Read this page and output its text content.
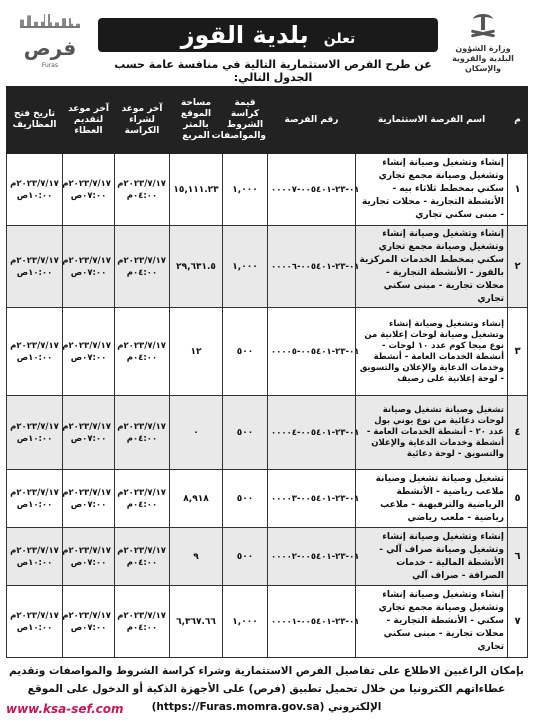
وزارة الشؤون البلدية والقروية والإسكان
تعلن بلدية القوز
عن طرح الفرص الاستثمارية التالية في منافسة عامة حسب الجدول التالي:
فرص
Furas
م	اسم الفرصة الاستثمارية	رقم الفرصة	قيمة كراسة الشروط والمواصفات	مساحة الموقع بالمتر المربع	آخر موعد لشراء الكراسة	آخر موعد لتقديم العطاء	تاريخ فتح المظاريف
١	إنشاء وتشغيل وصيانة إنشاء وتشغيل وصيانة مجمع تجاري سكني بمخطط ثلاثاء بيه - الأنشطة التجارية - محلات تجارية - مبنى سكني تجاري	٠١-٢٣-٠٠٥٤٠١-٠٠٠٠٧	١,٠٠٠	١٥,١١١.٢٣	٢٠٢٣/٧/١٧م
٠٤:٠٠م	٢٠٢٣/٧/١٧م
٠٧:٠٠ص	٢٠٢٣/٧/١٧م
١٠:٠٠ص

٢	إنشاء وتشغيل وصيانة إنشاء وتشغيل وصيانة مجمع تجاري سكني بمخطط الخدمات المركزية بالقوز - الأنشطة التجارية - محلات تجارية - مبنى سكني تجاري	٠١-٢٣-٠٠٥٤٠١-٠٠٠٠٦	١,٠٠٠	٢٩,٦٣١.٥	٢٠٢٣/٧/١٧م
٠٤:٠٠م	٢٠٢٣/٧/١٧م
٠٧:٠٠ص	٢٠٢٣/٧/١٧م
١٠:٠٠ص

٣	إنشاء وتشغيل وصيانة إنشاء وتشغيل وصيانة لوحات إعلانية من نوع ميجا كوم عدد ١٠ لوحات - أنشطة الخدمات العامة - أنشطة وخدمات الدعاية والإعلان والتسويق - لوحة إعلانية على رصيف	٠١-٢٣-٠٠٥٤٠١-٠٠٠٠٥	٥٠٠	١٢	٢٠٢٣/٧/١٧م
٠٤:٠٠م	٢٠٢٣/٧/١٧م
٠٧:٠٠ص	٢٠٢٣/٧/١٧م
١٠:٠٠ص

٤	تشغيل وصيانة تشغيل وصيانة لوحات دعائية من نوع يوني بول عدد ٢٠ - أنشطة الخدمات العامة - أنشطة وخدمات الدعاية والإعلان والتسويق - لوحة دعائية	٠١-٢٣-٠٠٥٤٠١-٠٠٠٠٤	٥٠٠	٠	٢٠٢٣/٧/١٧م
٠٤:٠٠م	٢٠٢٣/٧/١٧م
٠٧:٠٠ص	٢٠٢٣/٧/١٧م
١٠:٠٠ص

٥	تشغيل وصيانة تشغيل وصيانة ملاعب رياضية - الأنشطة الرياضية والترفيهية - ملاعب رياضية - ملعب رياضي	٠١-٢٣-٠٠٥٤٠١-٠٠٠٠٣	٥٠٠	٨,٩١٨	٢٠٢٣/٧/١٧م
٠٤:٠٠م	٢٠٢٣/٧/١٧م
٠٧:٠٠ص	٢٠٢٣/٧/١٧م
١٠:٠٠ص

٦	إنشاء وتشغيل وصيانة إنشاء وتشغيل وصيانة صراف آلي - الأنشطة المالية - خدمات الصرافة - صراف آلي	٠١-٢٣-٠٠٥٤٠١-٠٠٠٠٢	٥٠٠	٩	٢٠٢٣/٧/١٧م
٠٤:٠٠م	٢٠٢٣/٧/١٧م
٠٧:٠٠ص	٢٠٢٣/٧/١٧م
١٠:٠٠ص

٧	إنشاء وتشغيل وصيانة إنشاء وتشغيل وصيانة مجمع تجاري سكني - الأنشطة التجارية - محلات تجارية - مبنى سكني تجاري	٠١-٢٣-٠٠٥٤٠١-٠٠٠٠١	١,٠٠٠	٦,٣٦٧.٦٦	٢٠٢٣/٧/١٧م
٠٤:٠٠م	٢٠٢٣/٧/١٧م
٠٧:٠٠ص	٢٠٢٣/٧/١٧م
١٠:٠٠ص
بإمكان الراغبين الاطلاع على تفاصيل الفرص الاستثمارية وشراء كراسة الشروط والمواصفات وتقديم عطاءاتهم الكترونيا من خلال تحميل تطبيق (فرص) على الأجهزة الذكية أو الدخول على الموقع الإلكتروني (https://Furas.momra.gov.sa)
www.ksa-sef.com
